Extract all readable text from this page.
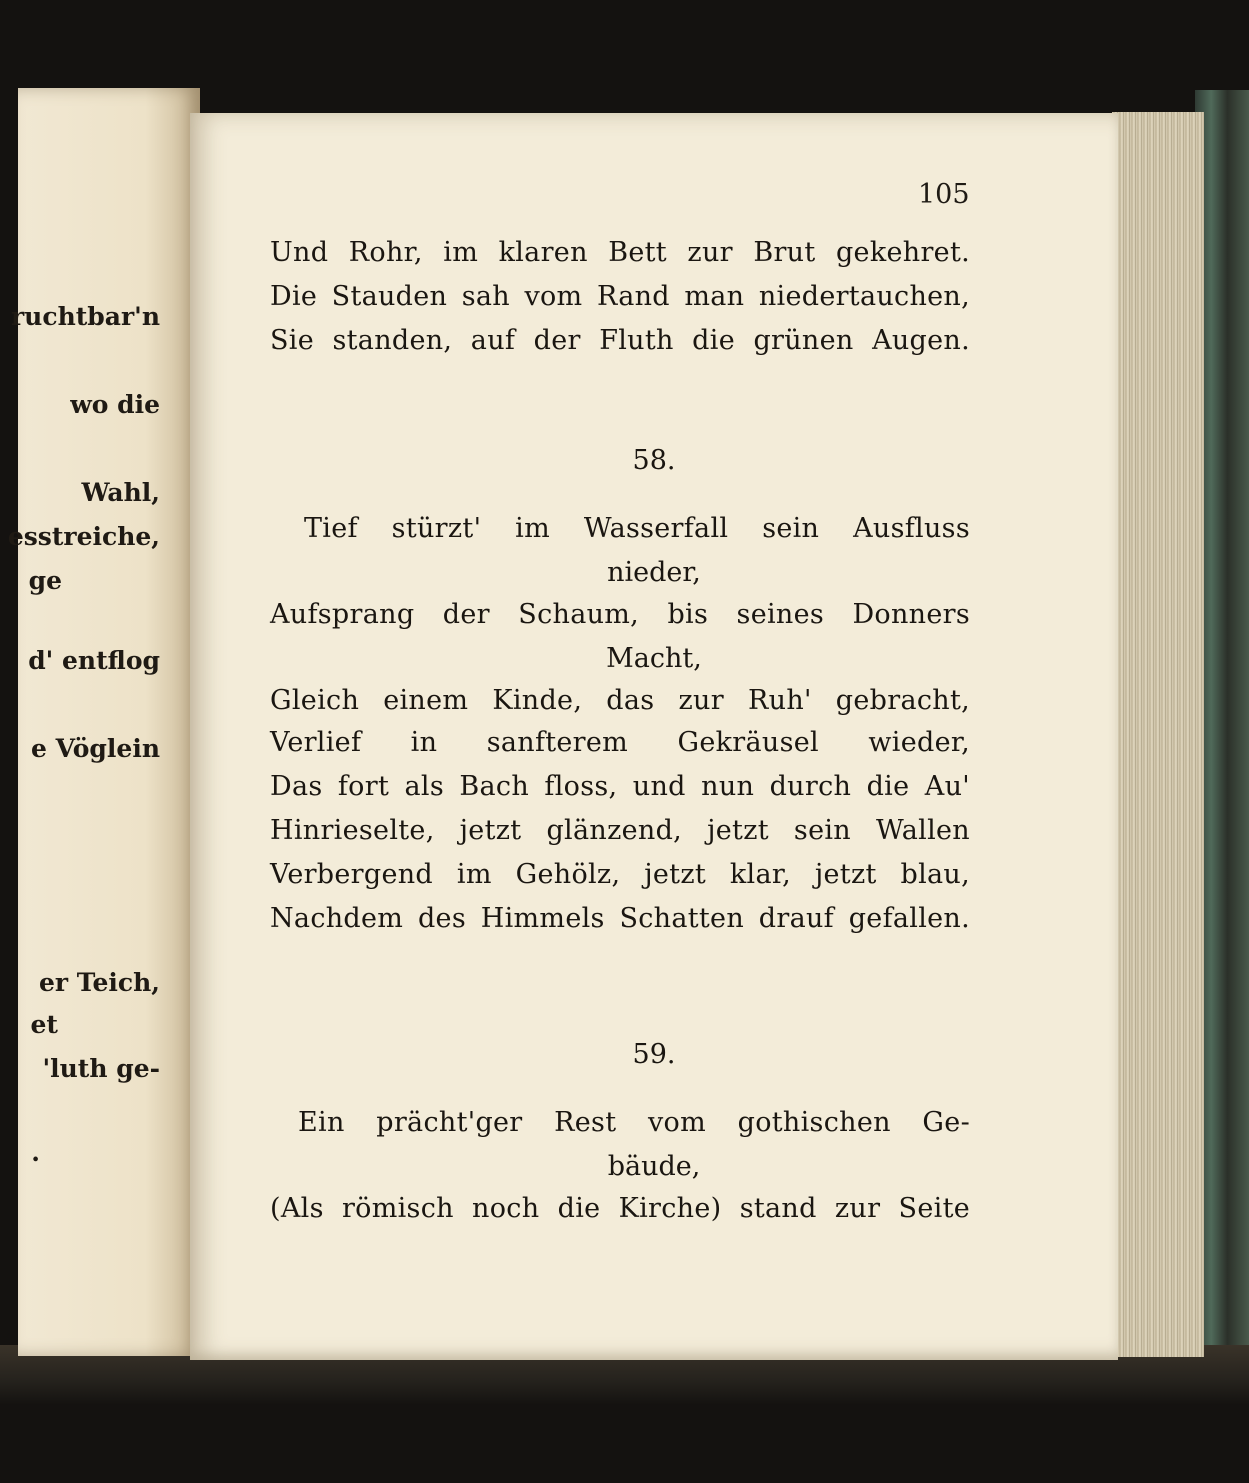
ruchtbar'n
wo die
Wahl,
esstreiche,
ge
d' entflog
e Vöglein
er Teich,
et
'luth ge-
.
105
Und Rohr, im klaren Bett zur Brut gekehret.
Die Stauden sah vom Rand man niedertauchen,
Sie standen, auf der Fluth die grünen Augen.
58.
Tief stürzt' im Wasserfall sein Ausfluss
nieder,
Aufsprang der Schaum, bis seines Donners
Macht,
Gleich einem Kinde, das zur Ruh' gebracht,
Verlief in sanfterem Gekräusel wieder,
Das fort als Bach floss, und nun durch die Au'
Hinrieselte, jetzt glänzend, jetzt sein Wallen
Verbergend im Gehölz, jetzt klar, jetzt blau,
Nachdem des Himmels Schatten drauf gefallen.
59.
Ein prächt'ger Rest vom gothischen Ge-
bäude,
(Als römisch noch die Kirche) stand zur Seite
